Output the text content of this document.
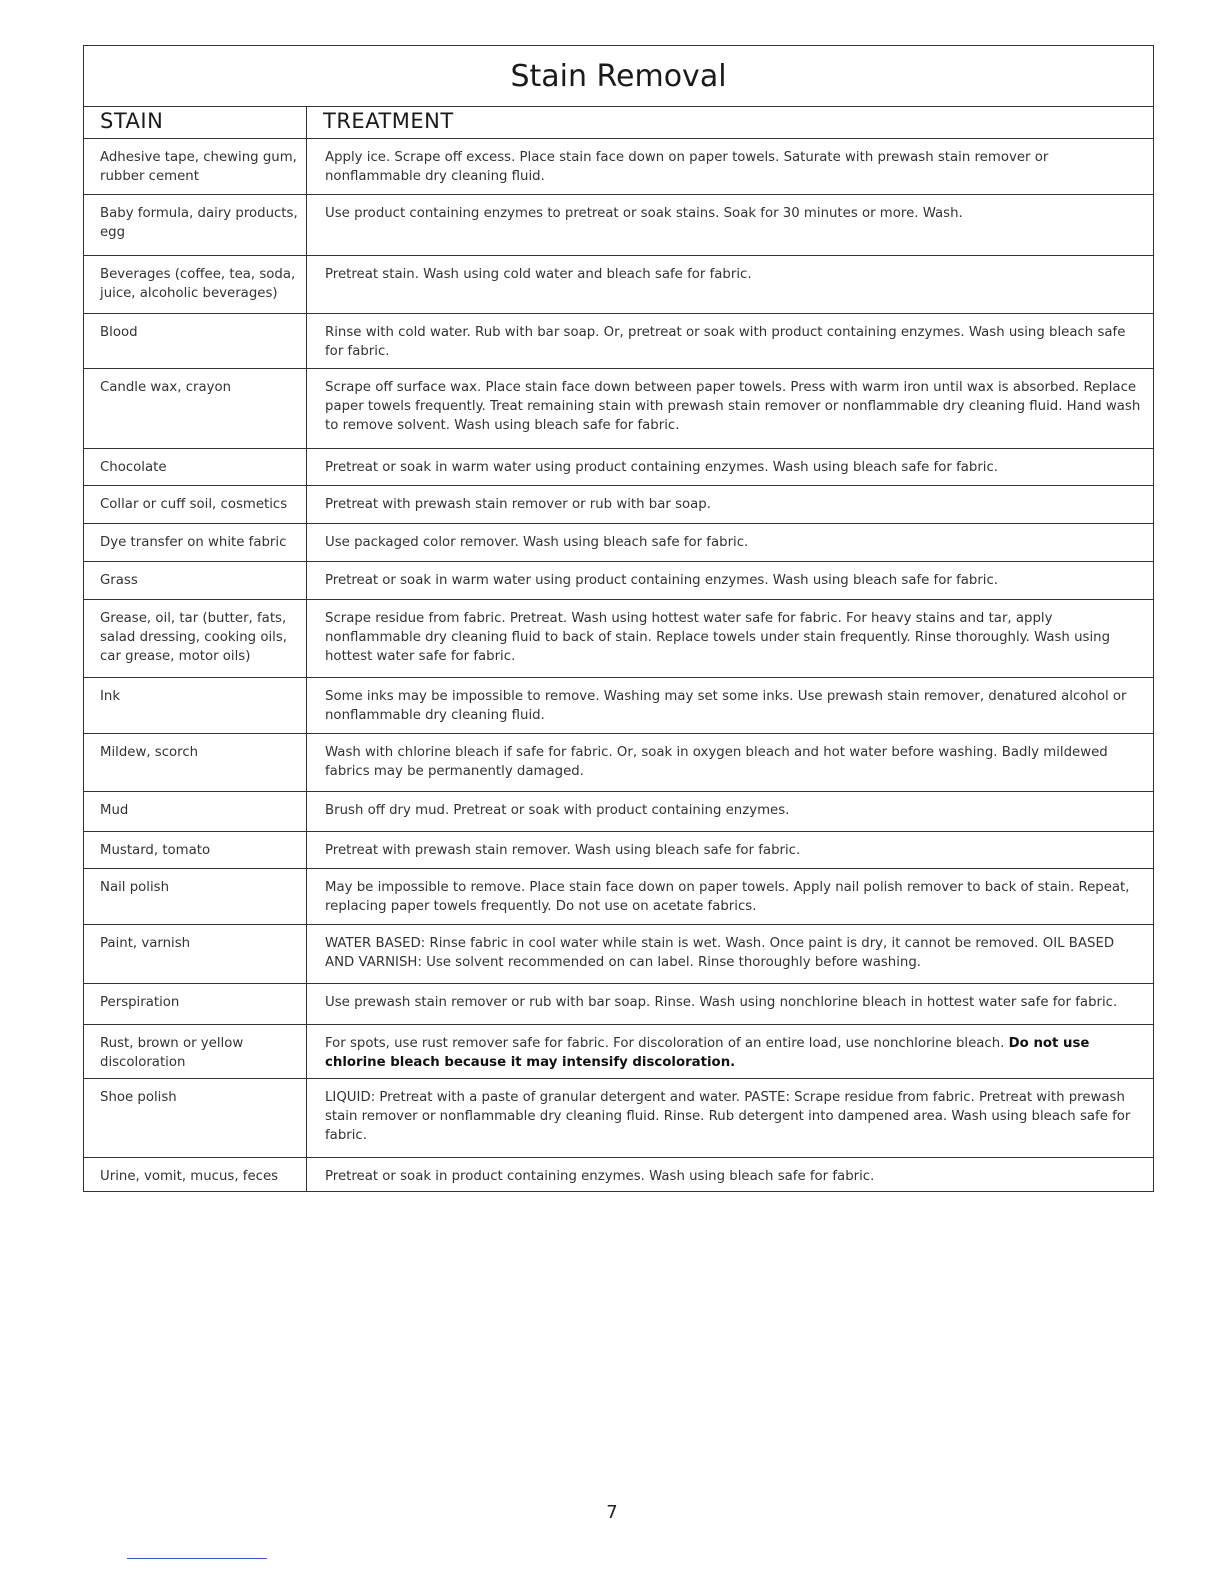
Stain Removal	
STAIN	TREATMENT
Adhesive tape, chewing gum, rubber cement	Apply ice. Scrape off excess. Place stain face down on paper towels. Saturate with prewash stain remover or nonflammable dry cleaning fluid.
Baby formula, dairy products, egg	Use product containing enzymes to pretreat or soak stains. Soak for 30 minutes or more. Wash.
Beverages (coffee, tea, soda, juice, alcoholic beverages)	Pretreat stain. Wash using cold water and bleach safe for fabric.
Blood	Rinse with cold water. Rub with bar soap. Or, pretreat or soak with product containing enzymes. Wash using bleach safe for fabric.
Candle wax, crayon	Scrape off surface wax. Place stain face down between paper towels. Press with warm iron until wax is absorbed. Replace paper towels frequently. Treat remaining stain with prewash stain remover or nonflammable dry cleaning fluid. Hand wash to remove solvent. Wash using bleach safe for fabric.
Chocolate	Pretreat or soak in warm water using product containing enzymes. Wash using bleach safe for fabric.
Collar or cuff soil, cosmetics	Pretreat with prewash stain remover or rub with bar soap.
Dye transfer on white fabric	Use packaged color remover. Wash using bleach safe for fabric.
Grass	Pretreat or soak in warm water using product containing enzymes. Wash using bleach safe for fabric.
Grease, oil, tar (butter, fats, salad dressing, cooking oils, car grease, motor oils)	Scrape residue from fabric. Pretreat. Wash using hottest water safe for fabric. For heavy stains and tar, apply nonflammable dry cleaning fluid to back of stain. Replace towels under stain frequently. Rinse thoroughly. Wash using hottest water safe for fabric.
Ink	Some inks may be impossible to remove. Washing may set some inks. Use prewash stain remover, denatured alcohol or nonflammable dry cleaning fluid.
Mildew, scorch	Wash with chlorine bleach if safe for fabric. Or, soak in oxygen bleach and hot water before washing. Badly mildewed fabrics may be permanently damaged.
Mud	Brush off dry mud. Pretreat or soak with product containing enzymes.
Mustard, tomato	Pretreat with prewash stain remover. Wash using bleach safe for fabric.
Nail polish	May be impossible to remove. Place stain face down on paper towels. Apply nail polish remover to back of stain. Repeat, replacing paper towels frequently. Do not use on acetate fabrics.
Paint, varnish	WATER BASED: Rinse fabric in cool water while stain is wet. Wash. Once paint is dry, it cannot be removed. OIL BASED AND VARNISH: Use solvent recommended on can label. Rinse thoroughly before washing.
Perspiration	Use prewash stain remover or rub with bar soap. Rinse. Wash using nonchlorine bleach in hottest water safe for fabric.
Rust, brown or yellow discoloration	For spots, use rust remover safe for fabric. For discoloration of an entire load, use nonchlorine bleach. Do not use chlorine bleach because it may intensify discoloration.
Shoe polish	LIQUID: Pretreat with a paste of granular detergent and water. PASTE: Scrape residue from fabric. Pretreat with prewash stain remover or nonflammable dry cleaning fluid. Rinse. Rub detergent into dampened area. Wash using bleach safe for fabric.
Urine, vomit, mucus, feces	Pretreat or soak in product containing enzymes. Wash using bleach safe for fabric.
7
